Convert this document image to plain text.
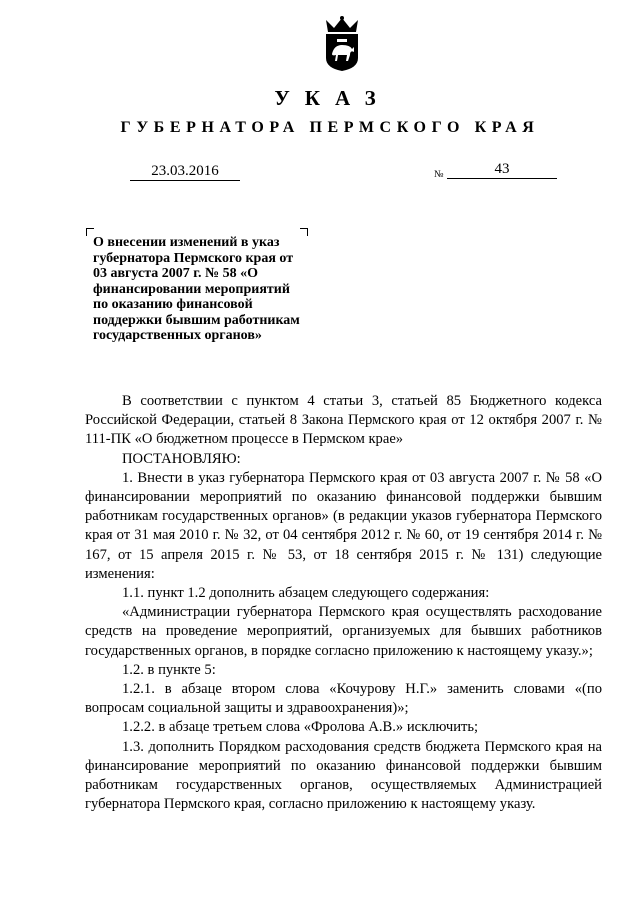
УКАЗ
ГУБЕРНАТОРА ПЕРМСКОГО КРАЯ
23.03.2016	№	43
О внесении изменений в указ губернатора Пермского края от 03 августа 2007 г. № 58 «О финансировании мероприятий по оказанию финансовой поддержки бывшим работникам государственных органов»

В соответствии с пунктом 4 статьи 3, статьей 85 Бюджетного кодекса Российской Федерации, статьей 8 Закона Пермского края от 12 октября 2007 г. № 111-ПК «О бюджетном процессе в Пермском крае»

ПОСТАНОВЛЯЮ:

1. Внести в указ губернатора Пермского края от 03 августа 2007 г. № 58 «О финансировании мероприятий по оказанию финансовой поддержки бывшим работникам государственных органов» (в редакции указов губернатора Пермского края от 31 мая 2010 г. № 32, от 04 сентября 2012 г. № 60, от 19 сентября 2014 г. № 167, от 15 апреля 2015 г. № 53, от 18 сентября 2015 г. № 131) следующие изменения:

1.1. пункт 1.2 дополнить абзацем следующего содержания:

«Администрации губернатора Пермского края осуществлять расходование средств на проведение мероприятий, организуемых для бывших работников государственных органов, в порядке согласно приложению к настоящему указу.»;

1.2. в пункте 5:

1.2.1. в абзаце втором слова «Кочурову Н.Г.» заменить словами «(по вопросам социальной защиты и здравоохранения)»;

1.2.2. в абзаце третьем слова «Фролова А.В.» исключить;

1.3. дополнить Порядком расходования средств бюджета Пермского края на финансирование мероприятий по оказанию финансовой поддержки бывшим работникам государственных органов, осуществляемых Администрацией губернатора Пермского края, согласно приложению к настоящему указу.
